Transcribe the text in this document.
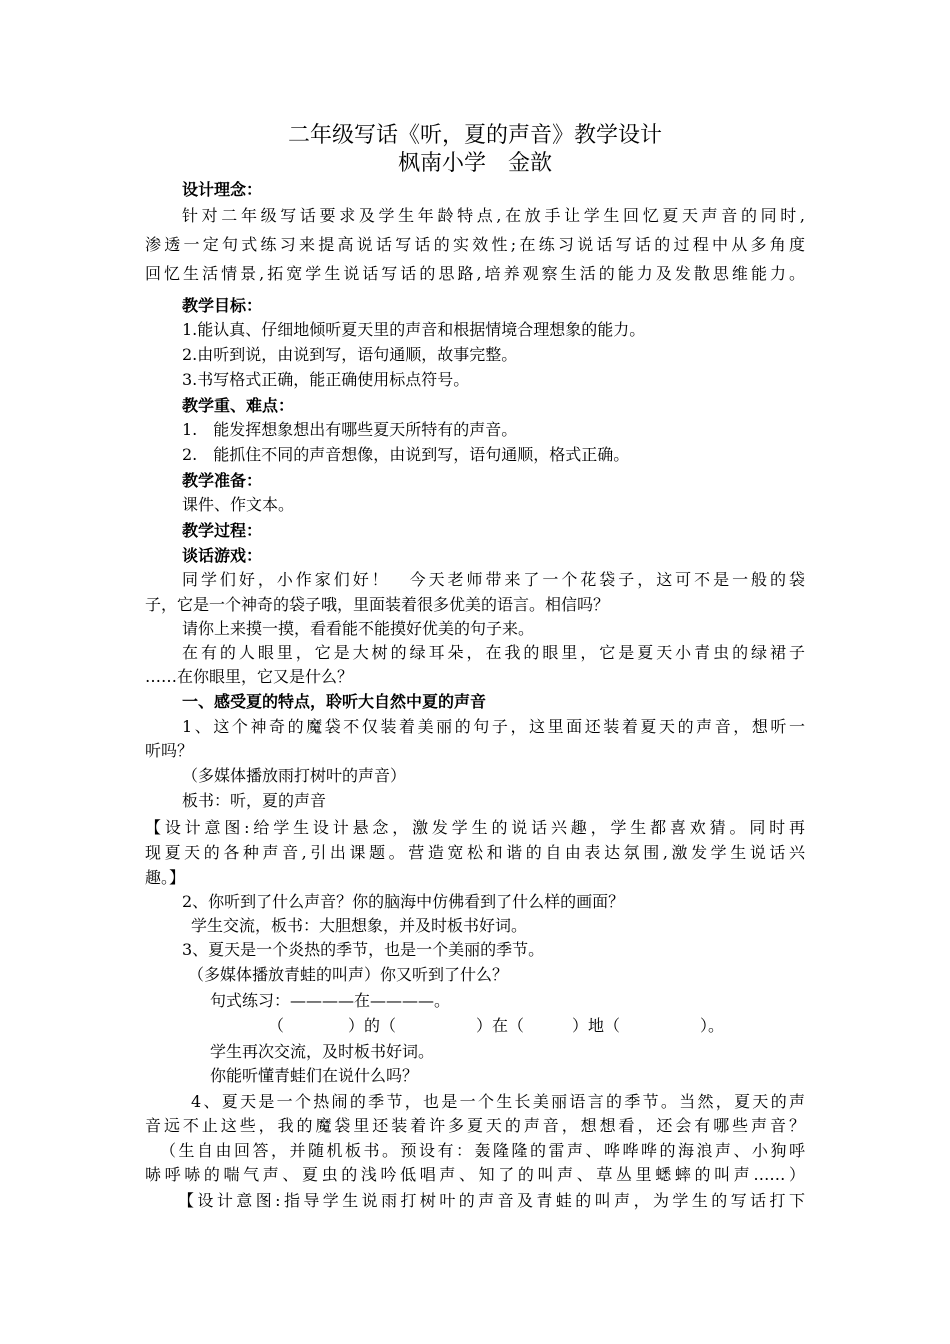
二年级写话《听，夏的声音》教学设计
枫南小学　金歆
设计理念：
针对二年级写话要求及学生年龄特点,在放手让学生回忆夏天声音的同时,
渗透一定句式练习来提高说话写话的实效性;在练习说话写话的过程中从多角度
回忆生活情景,拓宽学生说话写话的思路,培养观察生活的能力及发散思维能力。
教学目标：
1.能认真、仔细地倾听夏天里的声音和根据情境合理想象的能力。
2.由听到说，由说到写，语句通顺，故事完整。
3.书写格式正确，能正确使用标点符号。
教学重、难点：
1.　能发挥想象想出有哪些夏天所特有的声音。
2.　能抓住不同的声音想像，由说到写，语句通顺，格式正确。
教学准备：
课件、作文本。
教学过程：
谈话游戏：
同学们好，小作家们好！　今天老师带来了一个花袋子，这可不是一般的袋
子，它是一个神奇的袋子哦，里面装着很多优美的语言。相信吗？
请你上来摸一摸，看看能不能摸好优美的句子来。
在有的人眼里，它是大树的绿耳朵，在我的眼里，它是夏天小青虫的绿裙子
……在你眼里，它又是什么？
一、感受夏的特点，聆听大自然中夏的声音
1、这个神奇的魔袋不仅装着美丽的句子，这里面还装着夏天的声音，想听一
听吗？
（多媒体播放雨打树叶的声音）
板书：听，夏的声音
【设计意图:给学生设计悬念，激发学生的说话兴趣，学生都喜欢猜。同时再
现夏天的各种声音,引出课题。营造宽松和谐的自由表达氛围,激发学生说话兴
趣。】
2、你听到了什么声音？你的脑海中仿佛看到了什么样的画面？
学生交流，板书：大胆想象，并及时板书好词。
3、夏天是一个炎热的季节，也是一个美丽的季节。
（多媒体播放青蛙的叫声）你又听到了什么？
句式练习：————在————。
（　　　　）的（　　　　　）在（　　　）地（　　　　　）。
学生再次交流，及时板书好词。
你能听懂青蛙们在说什么吗？
4、夏天是一个热闹的季节，也是一个生长美丽语言的季节。当然，夏天的声
音远不止这些，我的魔袋里还装着许多夏天的声音，想想看，还会有哪些声音？
（生自由回答，并随机板书。预设有：轰隆隆的雷声、哗哗哗的海浪声、小狗呼
哧呼哧的喘气声、夏虫的浅吟低唱声、知了的叫声、草丛里蟋蟀的叫声……）
【设计意图:指导学生说雨打树叶的声音及青蛙的叫声，为学生的写话打下
